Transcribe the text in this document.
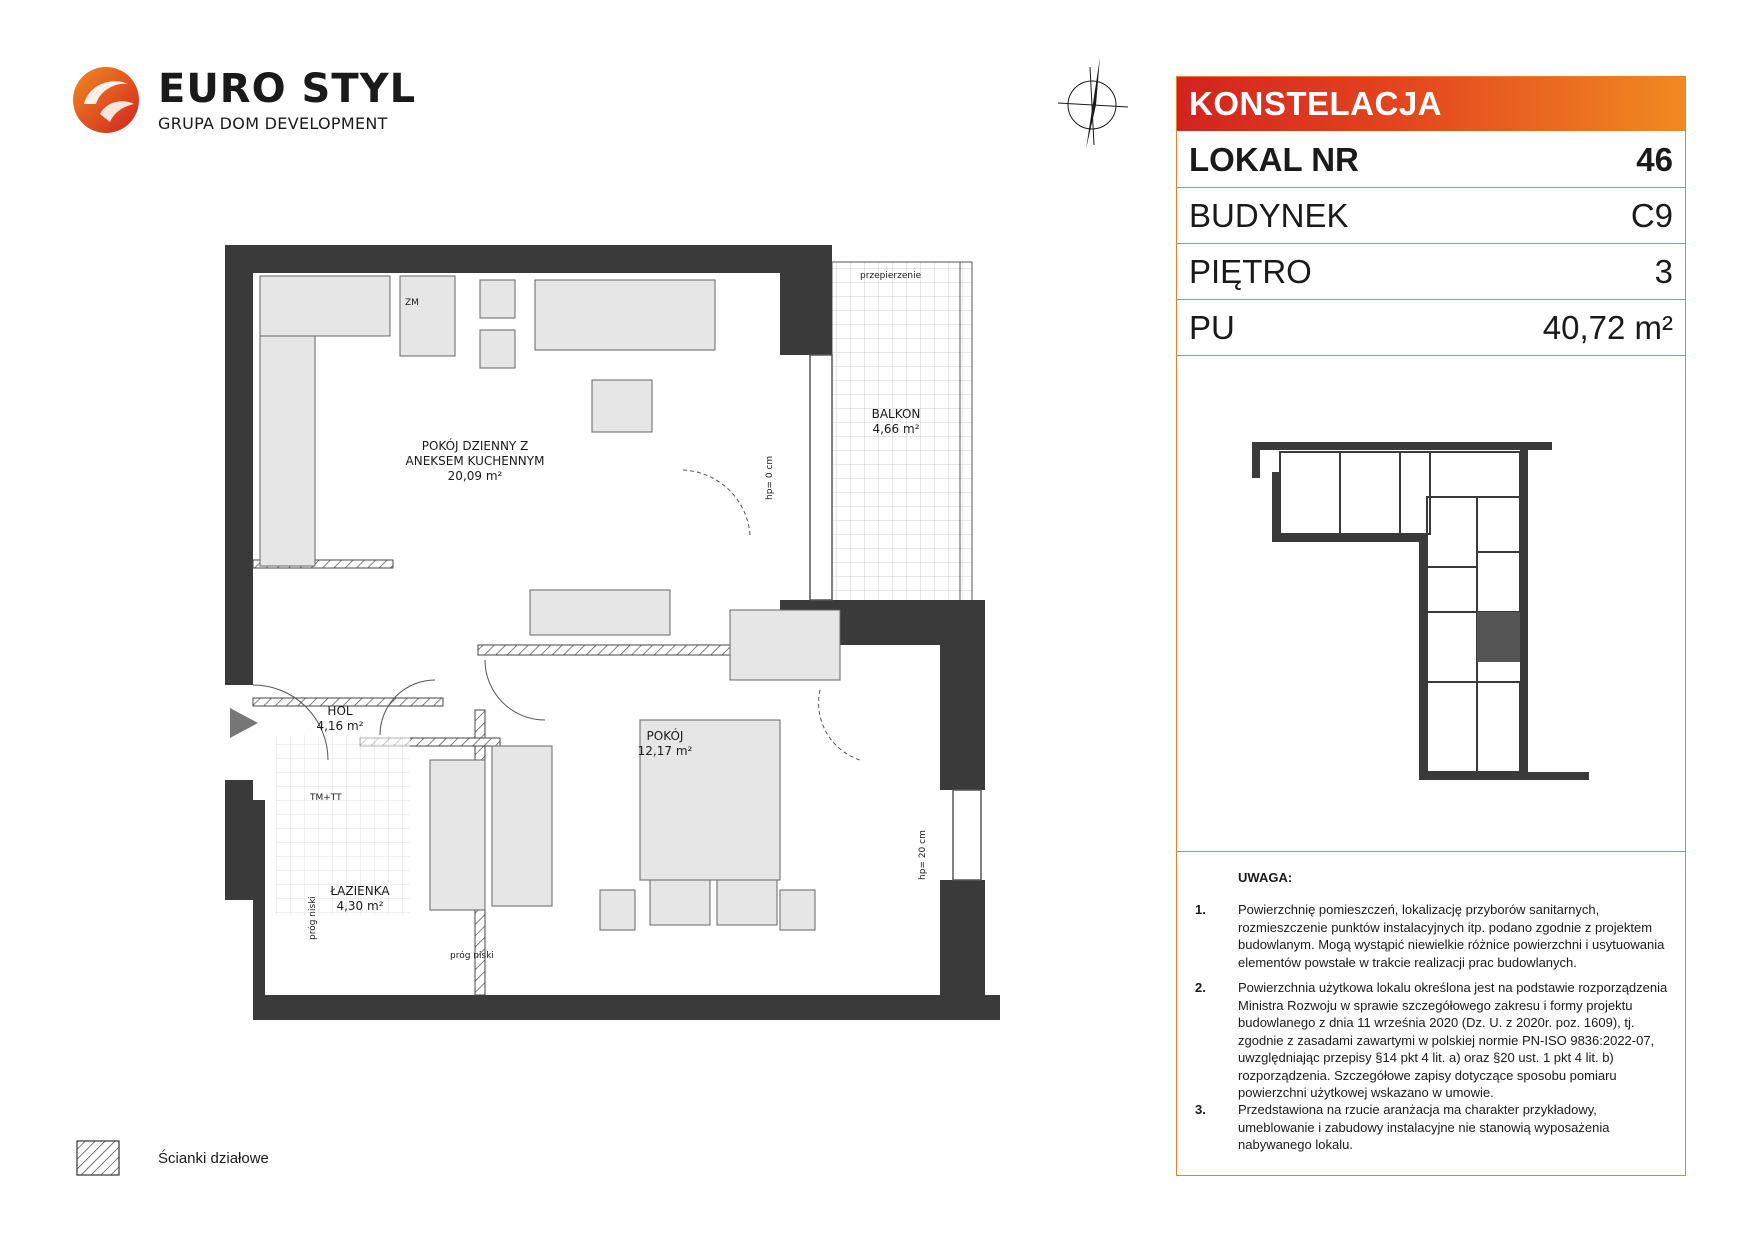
EURO STYL
GRUPA DOM DEVELOPMENT
POKÓJ DZIENNY Z
ANEKSEM KUCHENNYM
20,09 m²
BALKON
4,66 m²
HOL
4,16 m²
POKÓJ
12,17 m²
ŁAZIENKA
4,30 m²
przepierzenie
ZM
TM+TT
próg niski
próg niski
hp= 0 cm
hp= 20 cm
KONSTELACJA
LOKAL NR	46
BUDYNEK	C9
PIĘTRO	3
PU	40,72 m²
UWAGA:
1. Powierzchnię pomieszczeń, lokalizację przyborów sanitarnych, rozmieszczenie punktów instalacyjnych itp. podano zgodnie z projektem budowlanym. Mogą wystąpić niewielkie różnice powierzchni i usytuowania elementów powstałe w trakcie realizacji prac budowlanych.
2. Powierzchnia użytkowa lokalu określona jest na podstawie rozporządzenia Ministra Rozwoju w sprawie szczegółowego zakresu i formy projektu budowlanego z dnia 11 września 2020 (Dz. U. z 2020r. poz. 1609), tj. zgodnie z zasadami zawartymi w polskiej normie PN-ISO 9836:2022-07, uwzględniając przepisy §14 pkt 4 lit. a) oraz §20 ust. 1 pkt 4 lit. b) rozporządzenia. Szczegółowe zapisy dotyczące sposobu pomiaru powierzchni użytkowej wskazano w umowie.
3. Przedstawiona na rzucie aranżacja ma charakter przykładowy, umeblowanie i zabudowy instalacyjne nie stanowią wyposażenia nabywanego lokalu.
Ścianki działowe
